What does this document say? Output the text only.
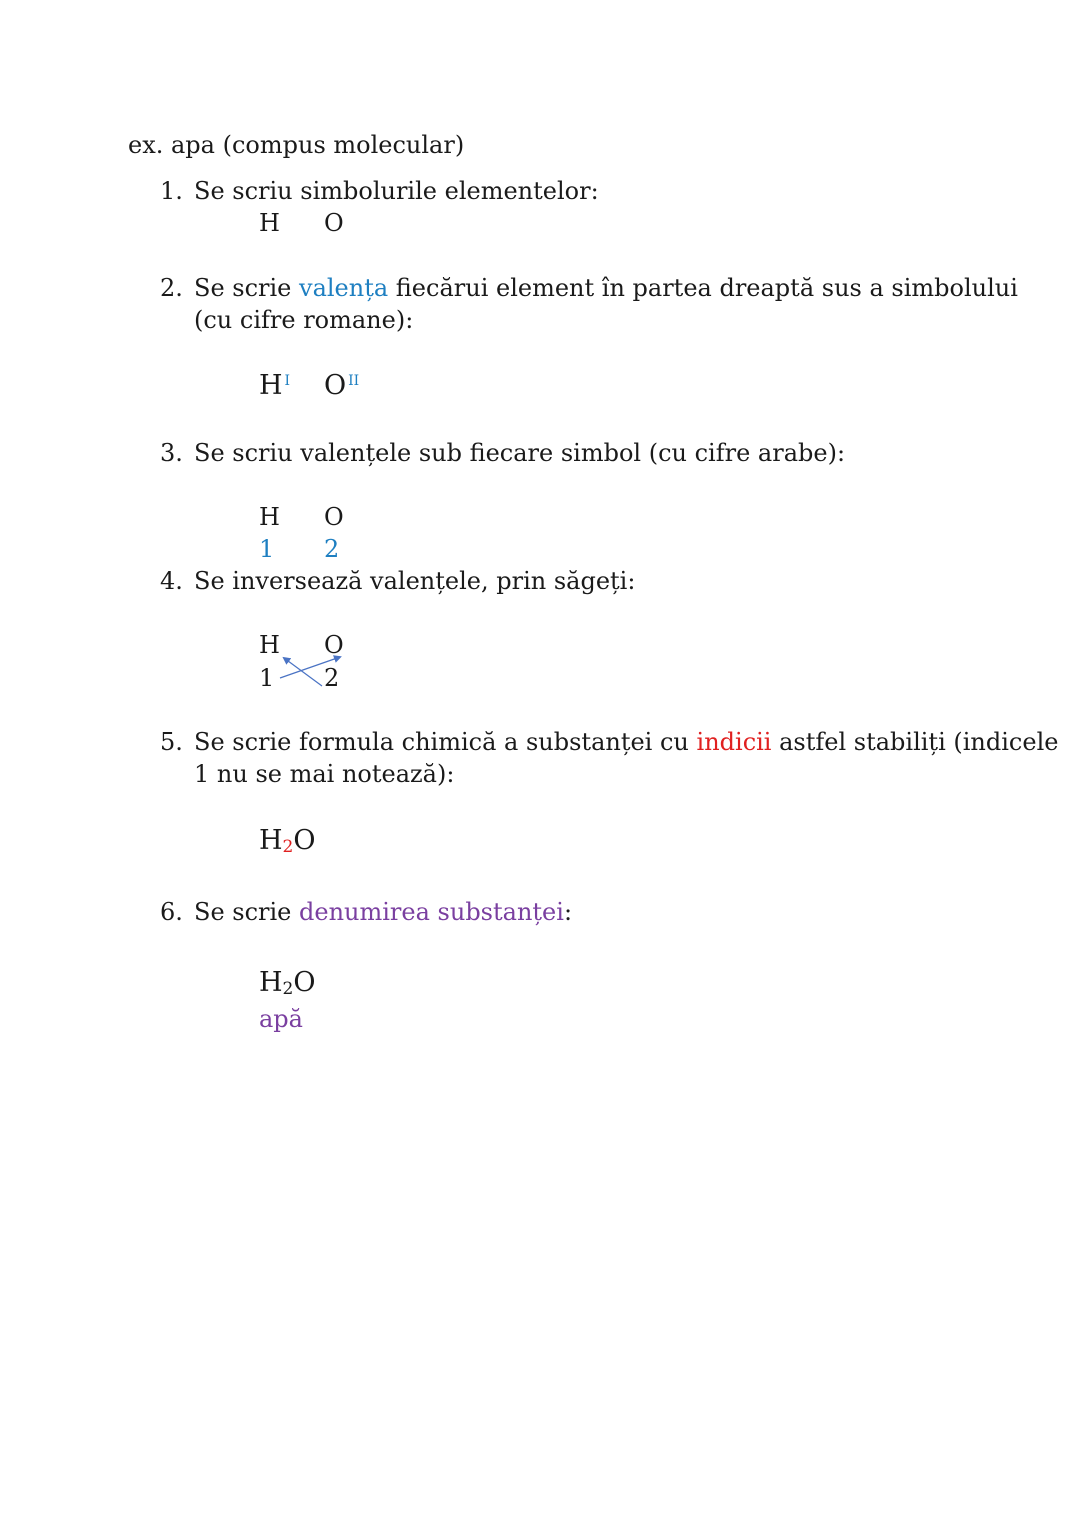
ex. apa (compus molecular)
1. Se scriu simbolurile elementelor:
H O
2. Se scrie valența fiecărui element în partea dreaptă sus a simbolului
(cu cifre romane):
H $^I$ O $^{II}$
3. Se scriu valențele sub fiecare simbol (cu cifre arabe):
H O
1 2
4. Se inversează valențele, prin săgeți:
H O
1 2
5. Se scrie formula chimică a substanței cu indicii astfel stabiliți (indicele
1 nu se mai notează):
H2O
6. Se scrie denumirea substanței:
H2O
apă
